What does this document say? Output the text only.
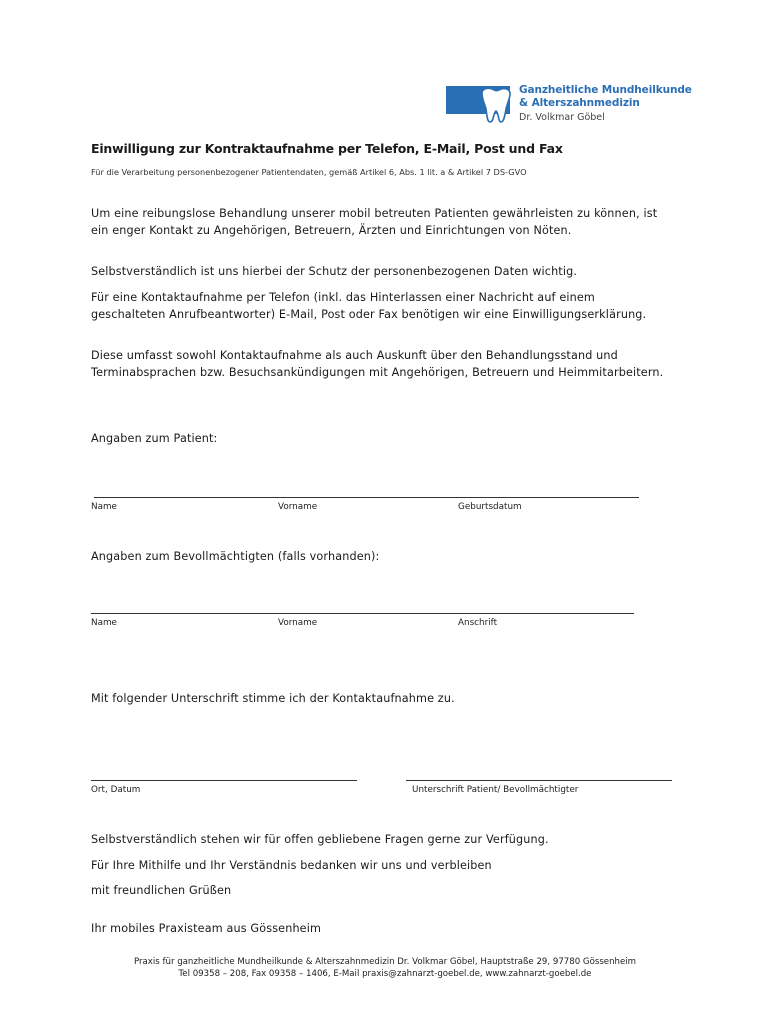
Ganzheitliche Mundheilkunde
& Alterszahnmedizin
Dr. Volkmar Göbel
Einwilligung zur Kontraktaufnahme per Telefon, E-Mail, Post und Fax
Für die Verarbeitung personenbezogener Patientendaten, gemäß Artikel 6, Abs. 1 lit. a & Artikel 7 DS-GVO
Um eine reibungslose Behandlung unserer mobil betreuten Patienten gewährleisten zu können, ist ein enger Kontakt zu Angehörigen, Betreuern, Ärzten und Einrichtungen von Nöten.
Selbstverständlich ist uns hierbei der Schutz der personenbezogenen Daten wichtig.
Für eine Kontaktaufnahme per Telefon (inkl. das Hinterlassen einer Nachricht auf einem geschalteten Anrufbeantworter) E-Mail, Post oder Fax benötigen wir eine Einwilligungserklärung.
Diese umfasst sowohl Kontaktaufnahme als auch Auskunft über den Behandlungsstand und Terminabsprachen bzw. Besuchsankündigungen mit Angehörigen, Betreuern und Heimmitarbeitern.
Angaben zum Patient:
Name	Vorname	Geburtsdatum
Angaben zum Bevollmächtigten (falls vorhanden):
Name	Vorname	Anschrift
Mit folgender Unterschrift stimme ich der Kontaktaufnahme zu.
Ort, Datum	Unterschrift Patient/ Bevollmächtigter
Selbstverständlich stehen wir für offen gebliebene Fragen gerne zur Verfügung.
Für Ihre Mithilfe und Ihr Verständnis bedanken wir uns und verbleiben
mit freundlichen Grüßen
Ihr mobiles Praxisteam aus Gössenheim
Praxis für ganzheitliche Mundheilkunde & Alterszahnmedizin Dr. Volkmar Göbel, Hauptstraße 29, 97780 Gössenheim
Tel 09358 – 208, Fax 09358 – 1406, E-Mail praxis@zahnarzt-goebel.de, www.zahnarzt-goebel.de
